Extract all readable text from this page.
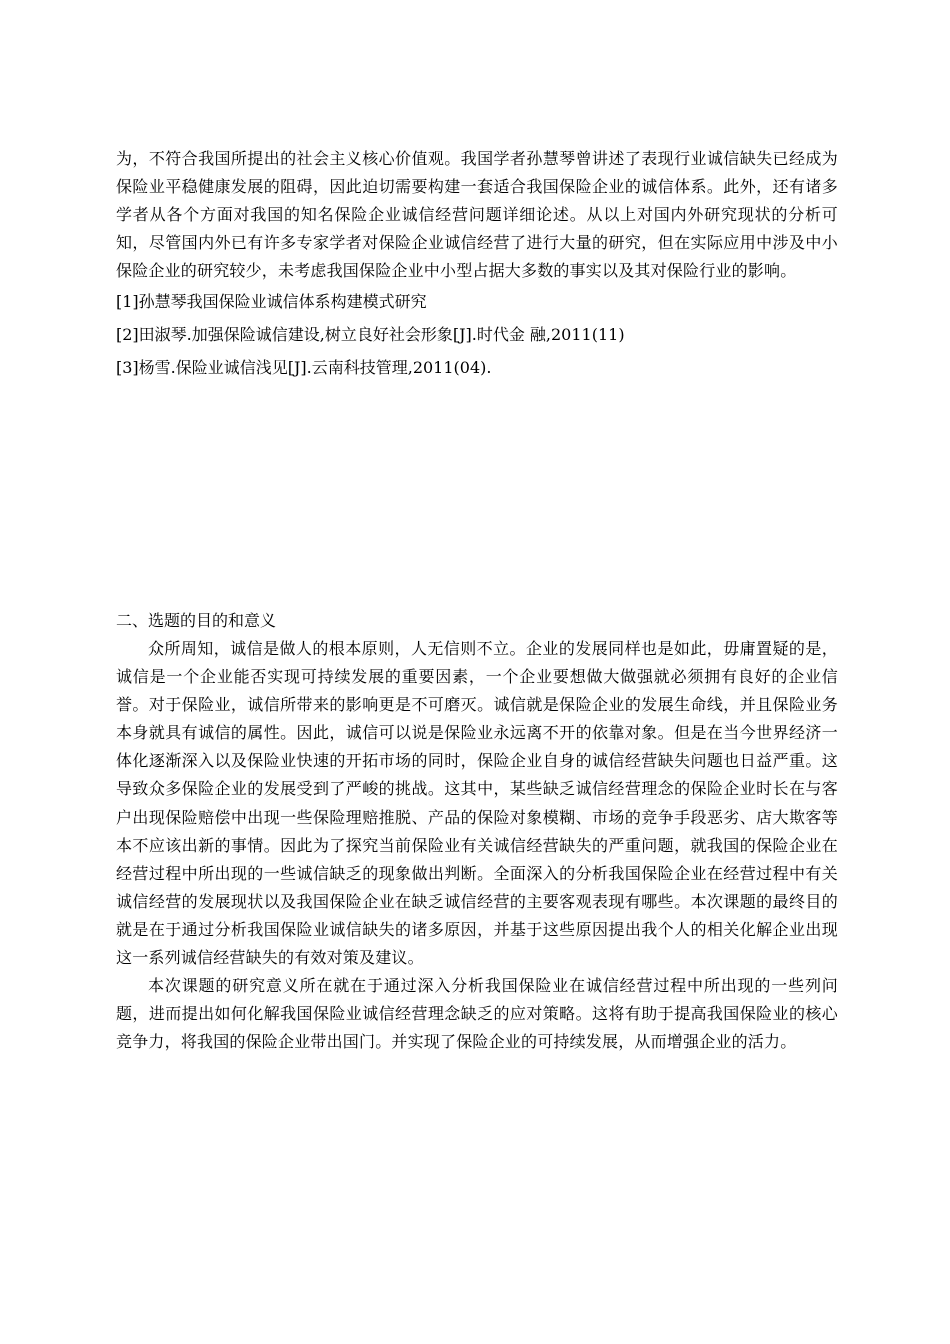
为，不符合我国所提出的社会主义核心价值观。我国学者孙慧琴曾讲述了表现行业诚信缺失已经成为保险业平稳健康发展的阻碍，因此迫切需要构建一套适合我国保险企业的诚信体系。此外，还有诸多学者从各个方面对我国的知名保险企业诚信经营问题详细论述。从以上对国内外研究现状的分析可知，尽管国内外已有许多专家学者对保险企业诚信经营了进行大量的研究，但在实际应用中涉及中小保险企业的研究较少，未考虑我国保险企业中小型占据大多数的事实以及其对保险行业的影响。

[1]孙慧琴我国保险业诚信体系构建模式研究

[2]田淑琴.加强保险诚信建设,树立良好社会形象[J].时代金 融,2011(11)

[3]杨雪.保险业诚信浅见[J].云南科技管理,2011(04).

二、选题的目的和意义

众所周知，诚信是做人的根本原则，人无信则不立。企业的发展同样也是如此，毋庸置疑的是，诚信是一个企业能否实现可持续发展的重要因素，一个企业要想做大做强就必须拥有良好的企业信誉。对于保险业，诚信所带来的影响更是不可磨灭。诚信就是保险企业的发展生命线，并且保险业务本身就具有诚信的属性。因此，诚信可以说是保险业永远离不开的依靠对象。但是在当今世界经济一体化逐渐深入以及保险业快速的开拓市场的同时，保险企业自身的诚信经营缺失问题也日益严重。这导致众多保险企业的发展受到了严峻的挑战。这其中，某些缺乏诚信经营理念的保险企业时长在与客户出现保险赔偿中出现一些保险理赔推脱、产品的保险对象模糊、市场的竞争手段恶劣、店大欺客等本不应该出新的事情。因此为了探究当前保险业有关诚信经营缺失的严重问题，就我国的保险企业在经营过程中所出现的一些诚信缺乏的现象做出判断。全面深入的分析我国保险企业在经营过程中有关诚信经营的发展现状以及我国保险企业在缺乏诚信经营的主要客观表现有哪些。本次课题的最终目的就是在于通过分析我国保险业诚信缺失的诸多原因，并基于这些原因提出我个人的相关化解企业出现这一系列诚信经营缺失的有效对策及建议。

本次课题的研究意义所在就在于通过深入分析我国保险业在诚信经营过程中所出现的一些列问题，进而提出如何化解我国保险业诚信经营理念缺乏的应对策略。这将有助于提高我国保险业的核心竞争力，将我国的保险企业带出国门。并实现了保险企业的可持续发展，从而增强企业的活力。
